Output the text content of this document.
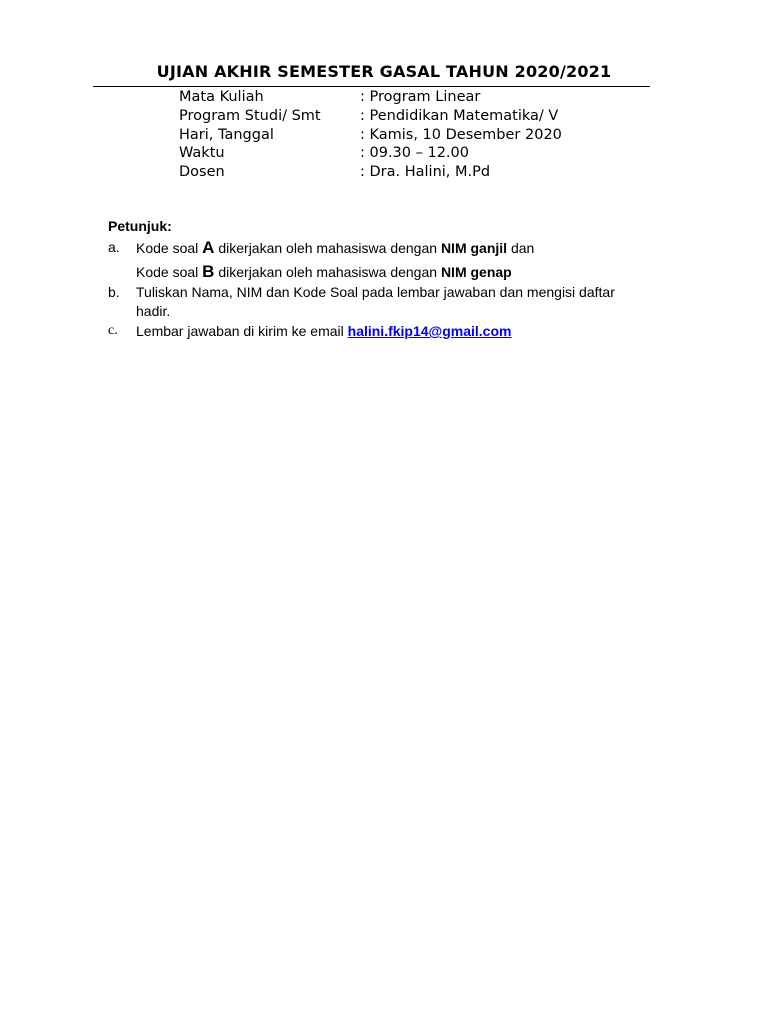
UJIAN AKHIR SEMESTER GASAL TAHUN 2020/2021
Mata Kuliah	: Program Linear
Program Studi/ Smt	: Pendidikan Matematika/ V
Hari, Tanggal	: Kamis, 10 Desember 2020
Waktu	: 09.30 – 12.00
Dosen	: Dra. Halini, M.Pd
Petunjuk:
a. Kode soal A dikerjakan oleh mahasiswa dengan NIM ganjil dan
Kode soal B dikerjakan oleh mahasiswa dengan NIM genap
b. Tuliskan Nama, NIM dan Kode Soal pada lembar jawaban dan mengisi daftar
hadir.
c. Lembar jawaban di kirim ke email halini.fkip14@gmail.com
